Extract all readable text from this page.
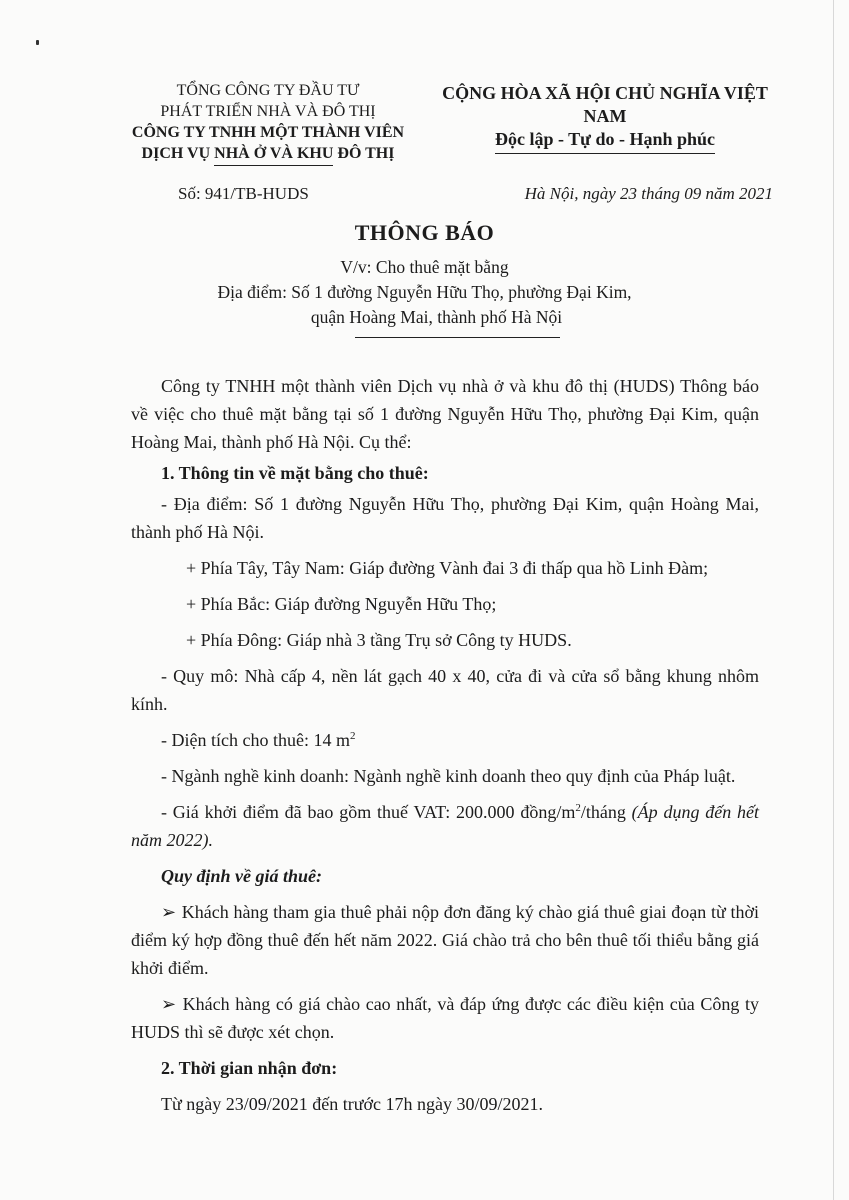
TỔNG CÔNG TY ĐẦU TƯ
PHÁT TRIỂN NHÀ VÀ ĐÔ THỊ
CÔNG TY TNHH MỘT THÀNH VIÊN
DỊCH VỤ NHÀ Ở VÀ KHU ĐÔ THỊ
CỘNG HÒA XÃ HỘI CHỦ NGHĨA VIỆT NAM
Độc lập - Tự do - Hạnh phúc
Số: 941/TB-HUDS	Hà Nội, ngày 23 tháng 09 năm 2021
THÔNG BÁO
V/v: Cho thuê mặt bằng
Địa điểm: Số 1 đường Nguyễn Hữu Thọ, phường Đại Kim,
quận Hoàng Mai, thành phố Hà Nội

Công ty TNHH một thành viên Dịch vụ nhà ở và khu đô thị (HUDS) Thông báo về việc cho thuê mặt bằng tại số 1 đường Nguyễn Hữu Thọ, phường Đại Kim, quận Hoàng Mai, thành phố Hà Nội. Cụ thể:

1. Thông tin về mặt bằng cho thuê:

- Địa điểm: Số 1 đường Nguyễn Hữu Thọ, phường Đại Kim, quận Hoàng Mai, thành phố Hà Nội.

+ Phía Tây, Tây Nam: Giáp đường Vành đai 3 đi thấp qua hồ Linh Đàm;

+ Phía Bắc: Giáp đường Nguyễn Hữu Thọ;

+ Phía Đông: Giáp nhà 3 tầng Trụ sở Công ty HUDS.

- Quy mô: Nhà cấp 4, nền lát gạch 40 x 40, cửa đi và cửa sổ bằng khung nhôm kính.

- Diện tích cho thuê: 14 $m^2$

- Ngành nghề kinh doanh: Ngành nghề kinh doanh theo quy định của Pháp luật.

- Giá khởi điểm đã bao gồm thuế VAT: 200.000 đồng/$m^2$/tháng (Áp dụng đến hết năm 2022).

Quy định về giá thuê:

➢ Khách hàng tham gia thuê phải nộp đơn đăng ký chào giá thuê giai đoạn từ thời điểm ký hợp đồng thuê đến hết năm 2022. Giá chào trả cho bên thuê tối thiểu bằng giá khởi điểm.

➢ Khách hàng có giá chào cao nhất, và đáp ứng được các điều kiện của Công ty HUDS thì sẽ được xét chọn.

2. Thời gian nhận đơn:

Từ ngày 23/09/2021 đến trước 17h ngày 30/09/2021.
